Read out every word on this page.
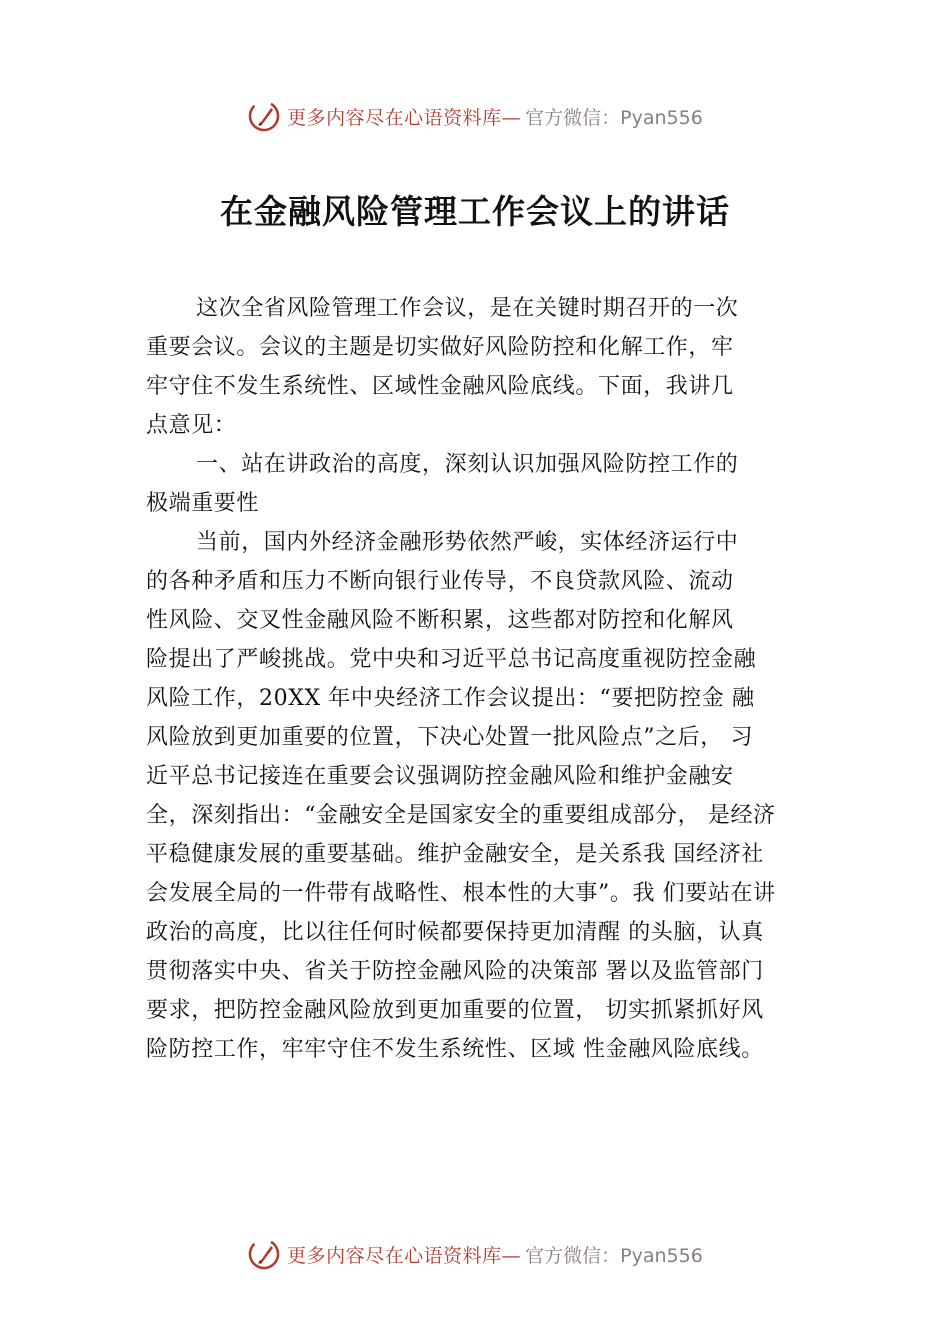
更多内容尽在心语资料库— 官方微信：Pyan556
在金融风险管理工作会议上的讲话
这次全省风险管理工作会议，是在关键时期召开的一次
重要会议。会议的主题是切实做好风险防控和化解工作，牢
牢守住不发生系统性、区域性金融风险底线。下面，我讲几
点意见：
一、站在讲政治的高度，深刻认识加强风险防控工作的
极端重要性
当前，国内外经济金融形势依然严峻，实体经济运行中
的各种矛盾和压力不断向银行业传导，不良贷款风险、流动
性风险、交叉性金融风险不断积累，这些都对防控和化解风
险提出了严峻挑战。党中央和习近平总书记高度重视防控金融
风险工作，20XX 年中央经济工作会议提出：“要把防控金 融
风险放到更加重要的位置，下决心处置一批风险点”之后， 习
近平总书记接连在重要会议强调防控金融风险和维护金融安
全，深刻指出：“金融安全是国家安全的重要组成部分， 是经济
平稳健康发展的重要基础。维护金融安全，是关系我 国经济社
会发展全局的一件带有战略性、根本性的大事”。我 们要站在讲
政治的高度，比以往任何时候都要保持更加清醒 的头脑，认真
贯彻落实中央、省关于防控金融风险的决策部 署以及监管部门
要求，把防控金融风险放到更加重要的位置， 切实抓紧抓好风
险防控工作，牢牢守住不发生系统性、区域 性金融风险底线。
更多内容尽在心语资料库— 官方微信：Pyan556
